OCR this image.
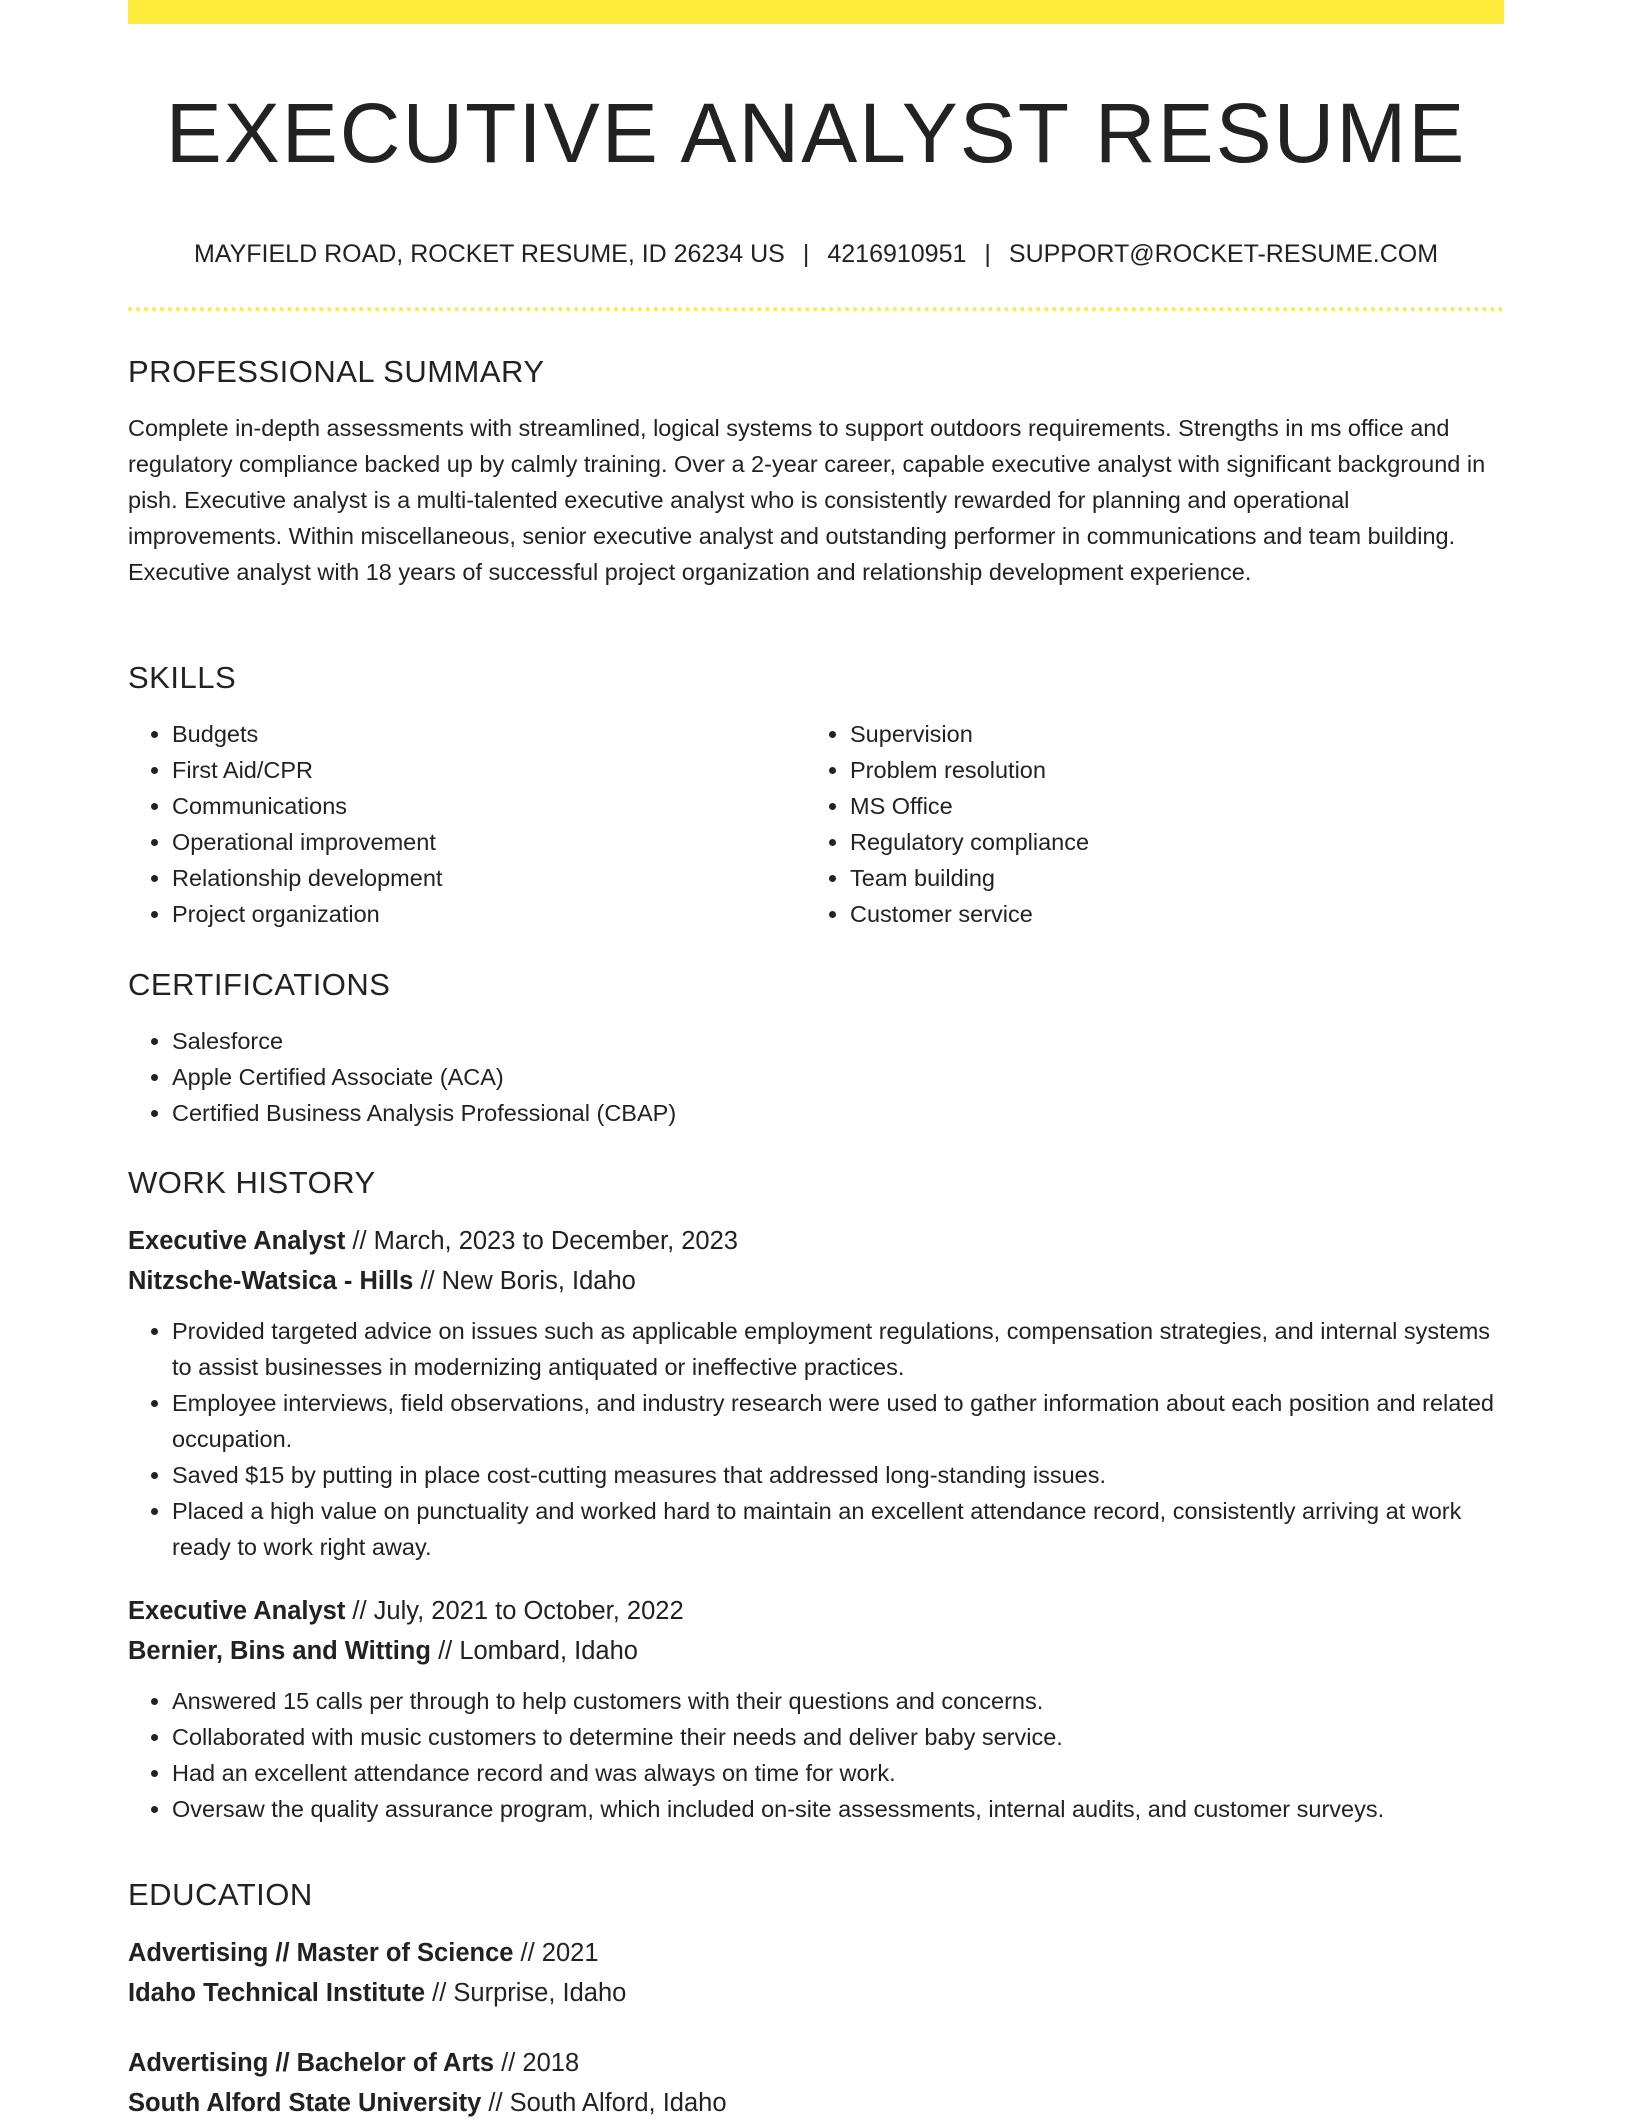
EXECUTIVE ANALYST RESUME
MAYFIELD ROAD, ROCKET RESUME, ID 26234 US | 4216910951 | SUPPORT@ROCKET-RESUME.COM
PROFESSIONAL SUMMARY

Complete in-depth assessments with streamlined, logical systems to support outdoors requirements. Strengths in ms office and regulatory compliance backed up by calmly training. Over a 2-year career, capable executive analyst with significant background in pish. Executive analyst is a multi-talented executive analyst who is consistently rewarded for planning and operational improvements. Within miscellaneous, senior executive analyst and outstanding performer in communications and team building. Executive analyst with 18 years of successful project organization and relationship development experience.

SKILLS
• Budgets
• First Aid/CPR
• Communications
• Operational improvement
• Relationship development
• Project organization
• Supervision
• Problem resolution
• MS Office
• Regulatory compliance
• Team building
• Customer service
CERTIFICATIONS
• Salesforce
• Apple Certified Associate (ACA)
• Certified Business Analysis Professional (CBAP)
WORK HISTORY

Executive Analyst // March, 2023 to December, 2023

Nitzsche-Watsica - Hills // New Boris, Idaho

• Provided targeted advice on issues such as applicable employment regulations, compensation strategies, and internal systems to assist businesses in modernizing antiquated or ineffective practices.
• Employee interviews, field observations, and industry research were used to gather information about each position and related occupation.
• Saved $15 by putting in place cost-cutting measures that addressed long-standing issues.
• Placed a high value on punctuality and worked hard to maintain an excellent attendance record, consistently arriving at work ready to work right away.

Executive Analyst // July, 2021 to October, 2022

Bernier, Bins and Witting // Lombard, Idaho

• Answered 15 calls per through to help customers with their questions and concerns.
• Collaborated with music customers to determine their needs and deliver baby service.
• Had an excellent attendance record and was always on time for work.
• Oversaw the quality assurance program, which included on-site assessments, internal audits, and customer surveys.
EDUCATION

Advertising // Master of Science // 2021

Idaho Technical Institute // Surprise, Idaho

Advertising // Bachelor of Arts // 2018

South Alford State University // South Alford, Idaho
